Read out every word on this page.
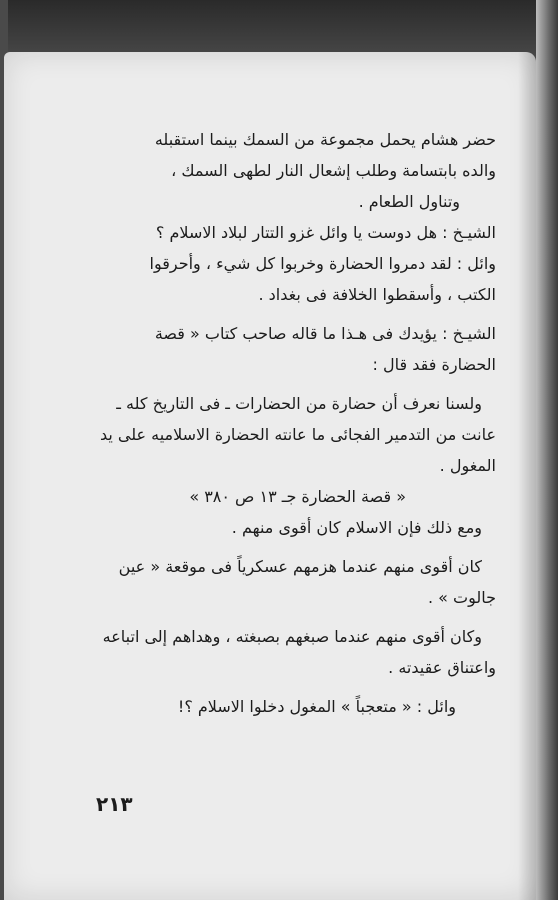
حضر هشام يحمل مجموعة من السمك بينما استقبله
والده بابتسامة وطلب إشعال النار لطهى السمك ،
وتناول الطعام .
الشيـخ : هل دوست يا وائل غزو التتار لبلاد الاسلام ؟
وائل : لقد دمروا الحضارة وخربوا كل شيء ، وأحرقوا
الكتب ، وأسقطوا الخلافة فى بغداد .
الشيـخ : يؤيدك فى هـذا ما قاله صاحب كتاب « قصة
الحضارة فقد قال :
ولسنا نعرف أن حضارة من الحضارات ـ فى التاريخ كله ـ
عانت من التدمير الفجائى ما عانته الحضارة الاسلاميه على يد
المغول .
« قصة الحضارة جـ ١٣ ص ٣٨٠ »
ومع ذلك فإن الاسلام كان أقوى منهم .
كان أقوى منهم عندما هزمهم عسكرياً فى موقعة « عين
جالوت » .
وكان أقوى منهم عندما صبغهم بصبغته ، وهداهم إلى اتباعه
واعتناق عقيدته .
وائل : « متعجباً » المغول دخلوا الاسلام ؟!
٢١٣
